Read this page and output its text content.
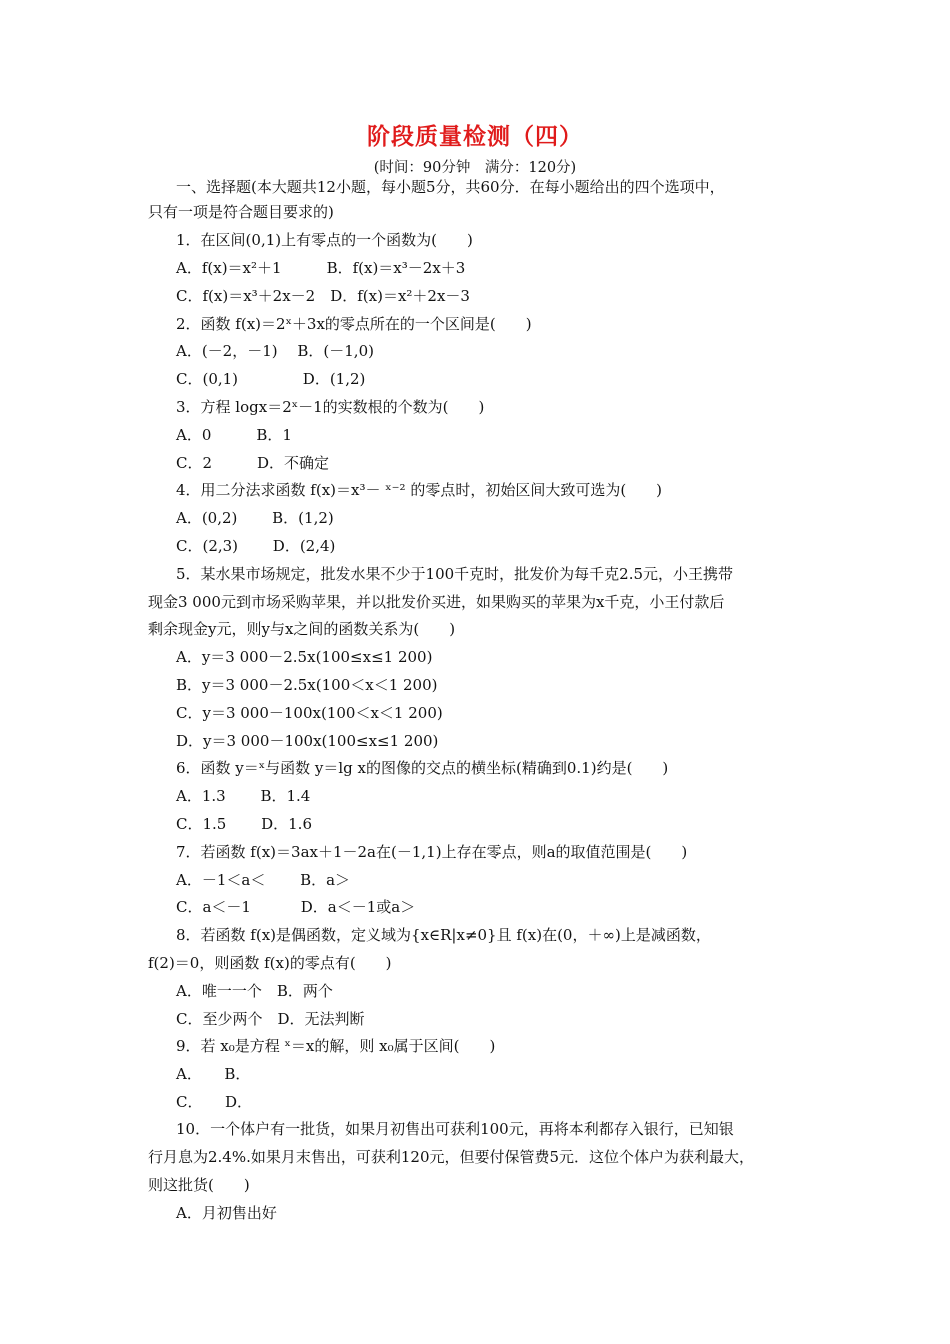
阶段质量检测（四）
(时间：90分钟　满分：120分)
一、选择题(本大题共12小题，每小题5分，共60分．在每小题给出的四个选项中，
只有一项是符合题目要求的)
1．在区间(0,1)上有零点的一个函数为(　　)
A．f(x)＝x²＋1　　　B．f(x)＝x³－2x＋3
C．f(x)＝x³＋2x－2　D．f(x)＝x²＋2x－3
2．函数 f(x)＝2ˣ＋3x的零点所在的一个区间是(　　)
A．(－2，－1)　 B．(－1,0)
C．(0,1)　　　　 D．(1,2)
3．方程 logx＝2ˣ－1的实数根的个数为(　　)
A．0　　　B．1
C．2　　　D．不确定
4．用二分法求函数 f(x)＝x³－ ˣ⁻² 的零点时，初始区间大致可选为(　　)
A．(0,2)　　 B．(1,2)
C．(2,3)　　 D．(2,4)
5．某水果市场规定，批发水果不少于100千克时，批发价为每千克2.5元，小王携带
现金3 000元到市场采购苹果，并以批发价买进，如果购买的苹果为x千克，小王付款后
剩余现金y元，则y与x之间的函数关系为(　　)
A．y＝3 000－2.5x(100≤x≤1 200)
B．y＝3 000－2.5x(100＜x＜1 200)
C．y＝3 000－100x(100＜x＜1 200)
D．y＝3 000－100x(100≤x≤1 200)
6．函数 y＝ˣ与函数 y＝lg x的图像的交点的横坐标(精确到0.1)约是(　　)
A．1.3　　 B．1.4
C．1.5　　 D．1.6
7．若函数 f(x)＝3ax＋1－2a在(－1,1)上存在零点，则a的取值范围是(　　)
A．－1＜a＜　　 B．a＞
C．a＜－1　　　 D．a＜－1或a＞
8．若函数 f(x)是偶函数，定义域为{x∈R|x≠0}且 f(x)在(0，＋∞)上是减函数，
f(2)＝0，则函数 f(x)的零点有(　　)
A．唯一一个　B．两个
C．至少两个　D．无法判断
9．若 x₀是方程 ˣ＝x的解，则 x₀属于区间(　　)
A．　　B．
C．　　D．
10．一个体户有一批货，如果月初售出可获利100元，再将本利都存入银行，已知银
行月息为2.4%.如果月末售出，可获利120元，但要付保管费5元．这位个体户为获利最大，
则这批货(　　)
A．月初售出好
